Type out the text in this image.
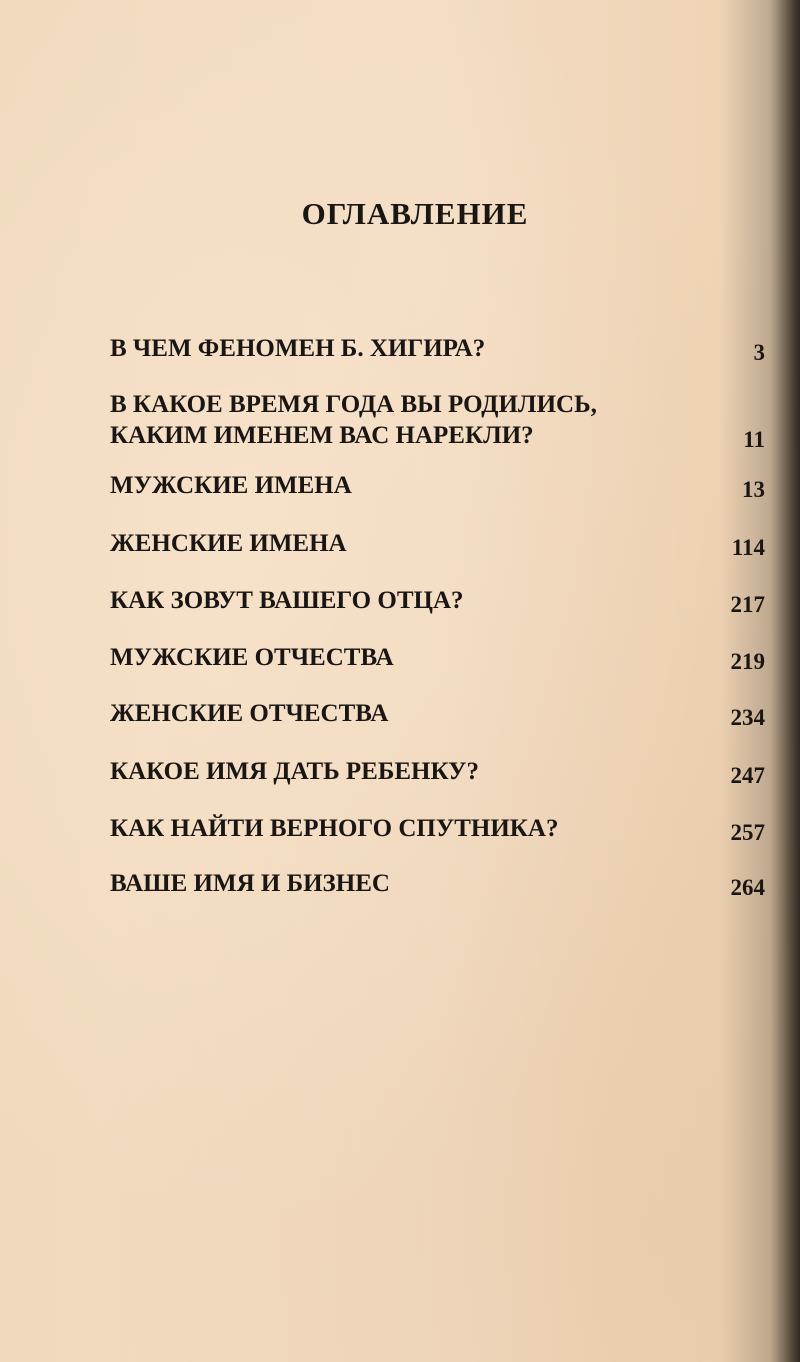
ОГЛАВЛЕНИЕ
В ЧЕМ ФЕНОМЕН Б. ХИГИРА?	3
В КАКОЕ ВРЕМЯ ГОДА ВЫ РОДИЛИСЬ,
КАКИМ ИМЕНЕМ ВАС НАРЕКЛИ?	11
МУЖСКИЕ ИМЕНА	13
ЖЕНСКИЕ ИМЕНА	114
КАК ЗОВУТ ВАШЕГО ОТЦА?	217
МУЖСКИЕ ОТЧЕСТВА	219
ЖЕНСКИЕ ОТЧЕСТВА	234
КАКОЕ ИМЯ ДАТЬ РЕБЕНКУ?	247
КАК НАЙТИ ВЕРНОГО СПУТНИКА?	257
ВАШЕ ИМЯ И БИЗНЕС	264
